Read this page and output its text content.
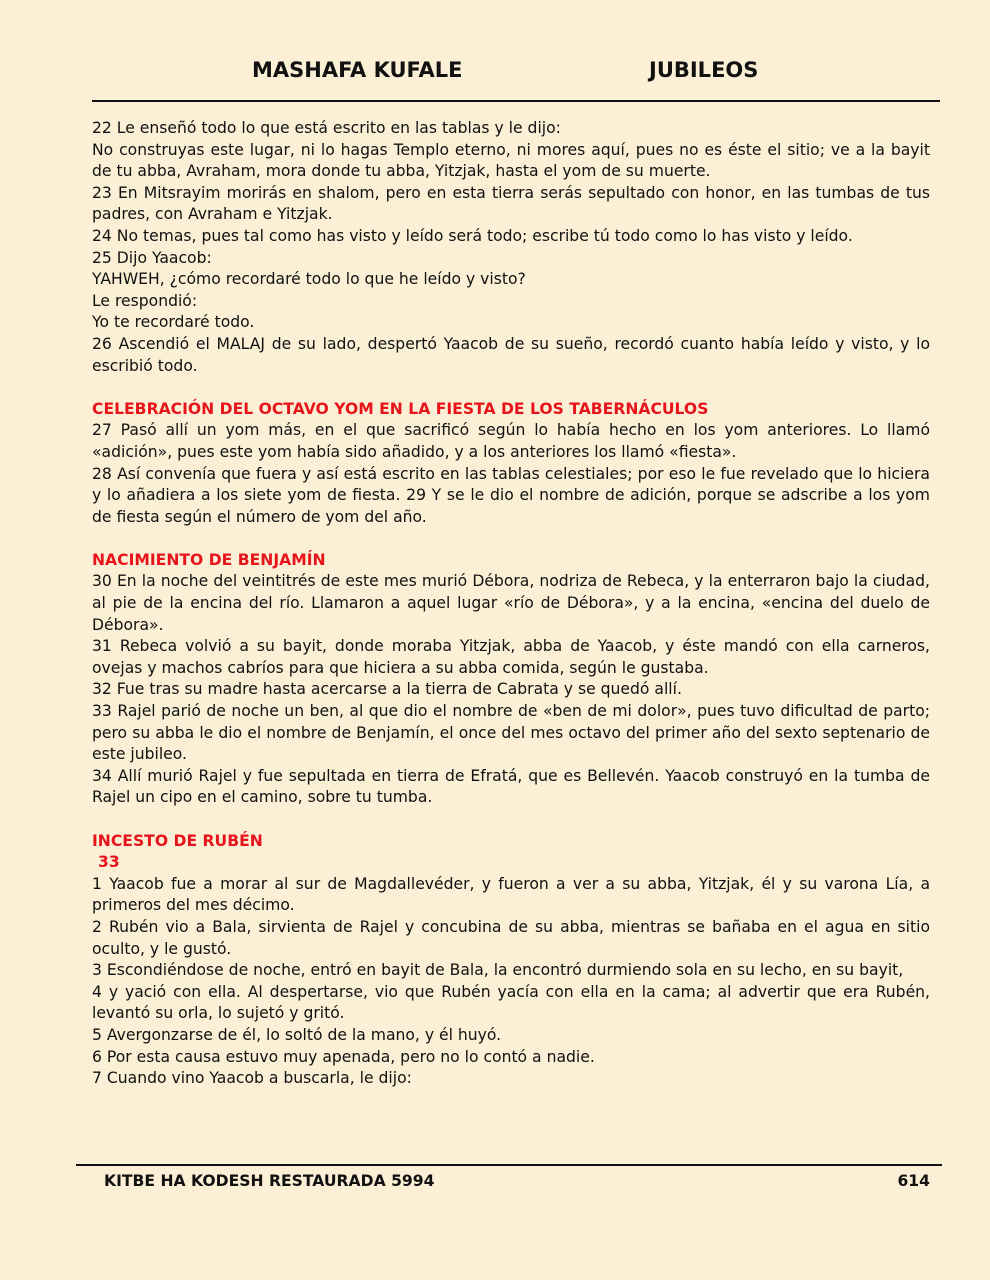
MASHAFA KUFALE	JUBILEOS

22 Le enseñó todo lo que está escrito en las tablas y le dijo:

No construyas este lugar, ni lo hagas Templo eterno, ni mores aquí, pues no es éste el sitio; ve a la bayit de tu abba, Avraham, mora donde tu abba, Yitzjak, hasta el yom de su muerte.

23 En Mitsrayim morirás en shalom, pero en esta tierra serás sepultado con honor, en las tumbas de tus padres, con Avraham e Yitzjak.

24 No temas, pues tal como has visto y leído será todo; escribe tú todo como lo has visto y leído.

25 Dijo Yaacob:

YAHWEH, ¿cómo recordaré todo lo que he leído y visto?

Le respondió:

Yo te recordaré todo.

26 Ascendió el MALAJ de su lado, despertó Yaacob de su sueño, recordó cuanto había leído y visto, y lo escribió todo.

CELEBRACIÓN DEL OCTAVO YOM EN LA FIESTA DE LOS TABERNÁCULOS

27 Pasó allí un yom más, en el que sacrificó según lo había hecho en los yom anteriores. Lo llamó «adición», pues este yom había sido añadido, y a los anteriores los llamó «fiesta».

28 Así convenía que fuera y así está escrito en las tablas celestiales; por eso le fue revelado que lo hiciera y lo añadiera a los siete yom de fiesta. 29 Y se le dio el nombre de adición, porque se adscribe a los yom de fiesta según el número de yom del año.

NACIMIENTO DE BENJAMÍN

30 En la noche del veintitrés de este mes murió Débora, nodriza de Rebeca, y la enterraron bajo la ciudad, al pie de la encina del río. Llamaron a aquel lugar «río de Débora», y a la encina, «encina del duelo de Débora».

31 Rebeca volvió a su bayit, donde moraba Yitzjak, abba de Yaacob, y éste mandó con ella carneros, ovejas y machos cabríos para que hiciera a su abba comida, según le gustaba.

32 Fue tras su madre hasta acercarse a la tierra de Cabrata y se quedó allí.

33 Rajel parió de noche un ben, al que dio el nombre de «ben de mi dolor», pues tuvo dificultad de parto; pero su abba le dio el nombre de Benjamín, el once del mes octavo del primer año del sexto septenario de este jubileo.

34 Allí murió Rajel y fue sepultada en tierra de Efratá, que es Bellevén. Yaacob construyó en la tumba de Rajel un cipo en el camino, sobre tu tumba.

INCESTO DE RUBÉN

33

1 Yaacob fue a morar al sur de Magdallevéder, y fueron a ver a su abba, Yitzjak, él y su varona Lía, a primeros del mes décimo.

2 Rubén vio a Bala, sirvienta de Rajel y concubina de su abba, mientras se bañaba en el agua en sitio oculto, y le gustó.

3 Escondiéndose de noche, entró en bayit de Bala, la encontró durmiendo sola en su lecho, en su bayit,

4 y yació con ella. Al despertarse, vio que Rubén yacía con ella en la cama; al advertir que era Rubén, levantó su orla, lo sujetó y gritó.

5 Avergonzarse de él, lo soltó de la mano, y él huyó.

6 Por esta causa estuvo muy apenada, pero no lo contó a nadie.

7 Cuando vino Yaacob a buscarla, le dijo:

KITBE HA KODESH RESTAURADA 5994	614
